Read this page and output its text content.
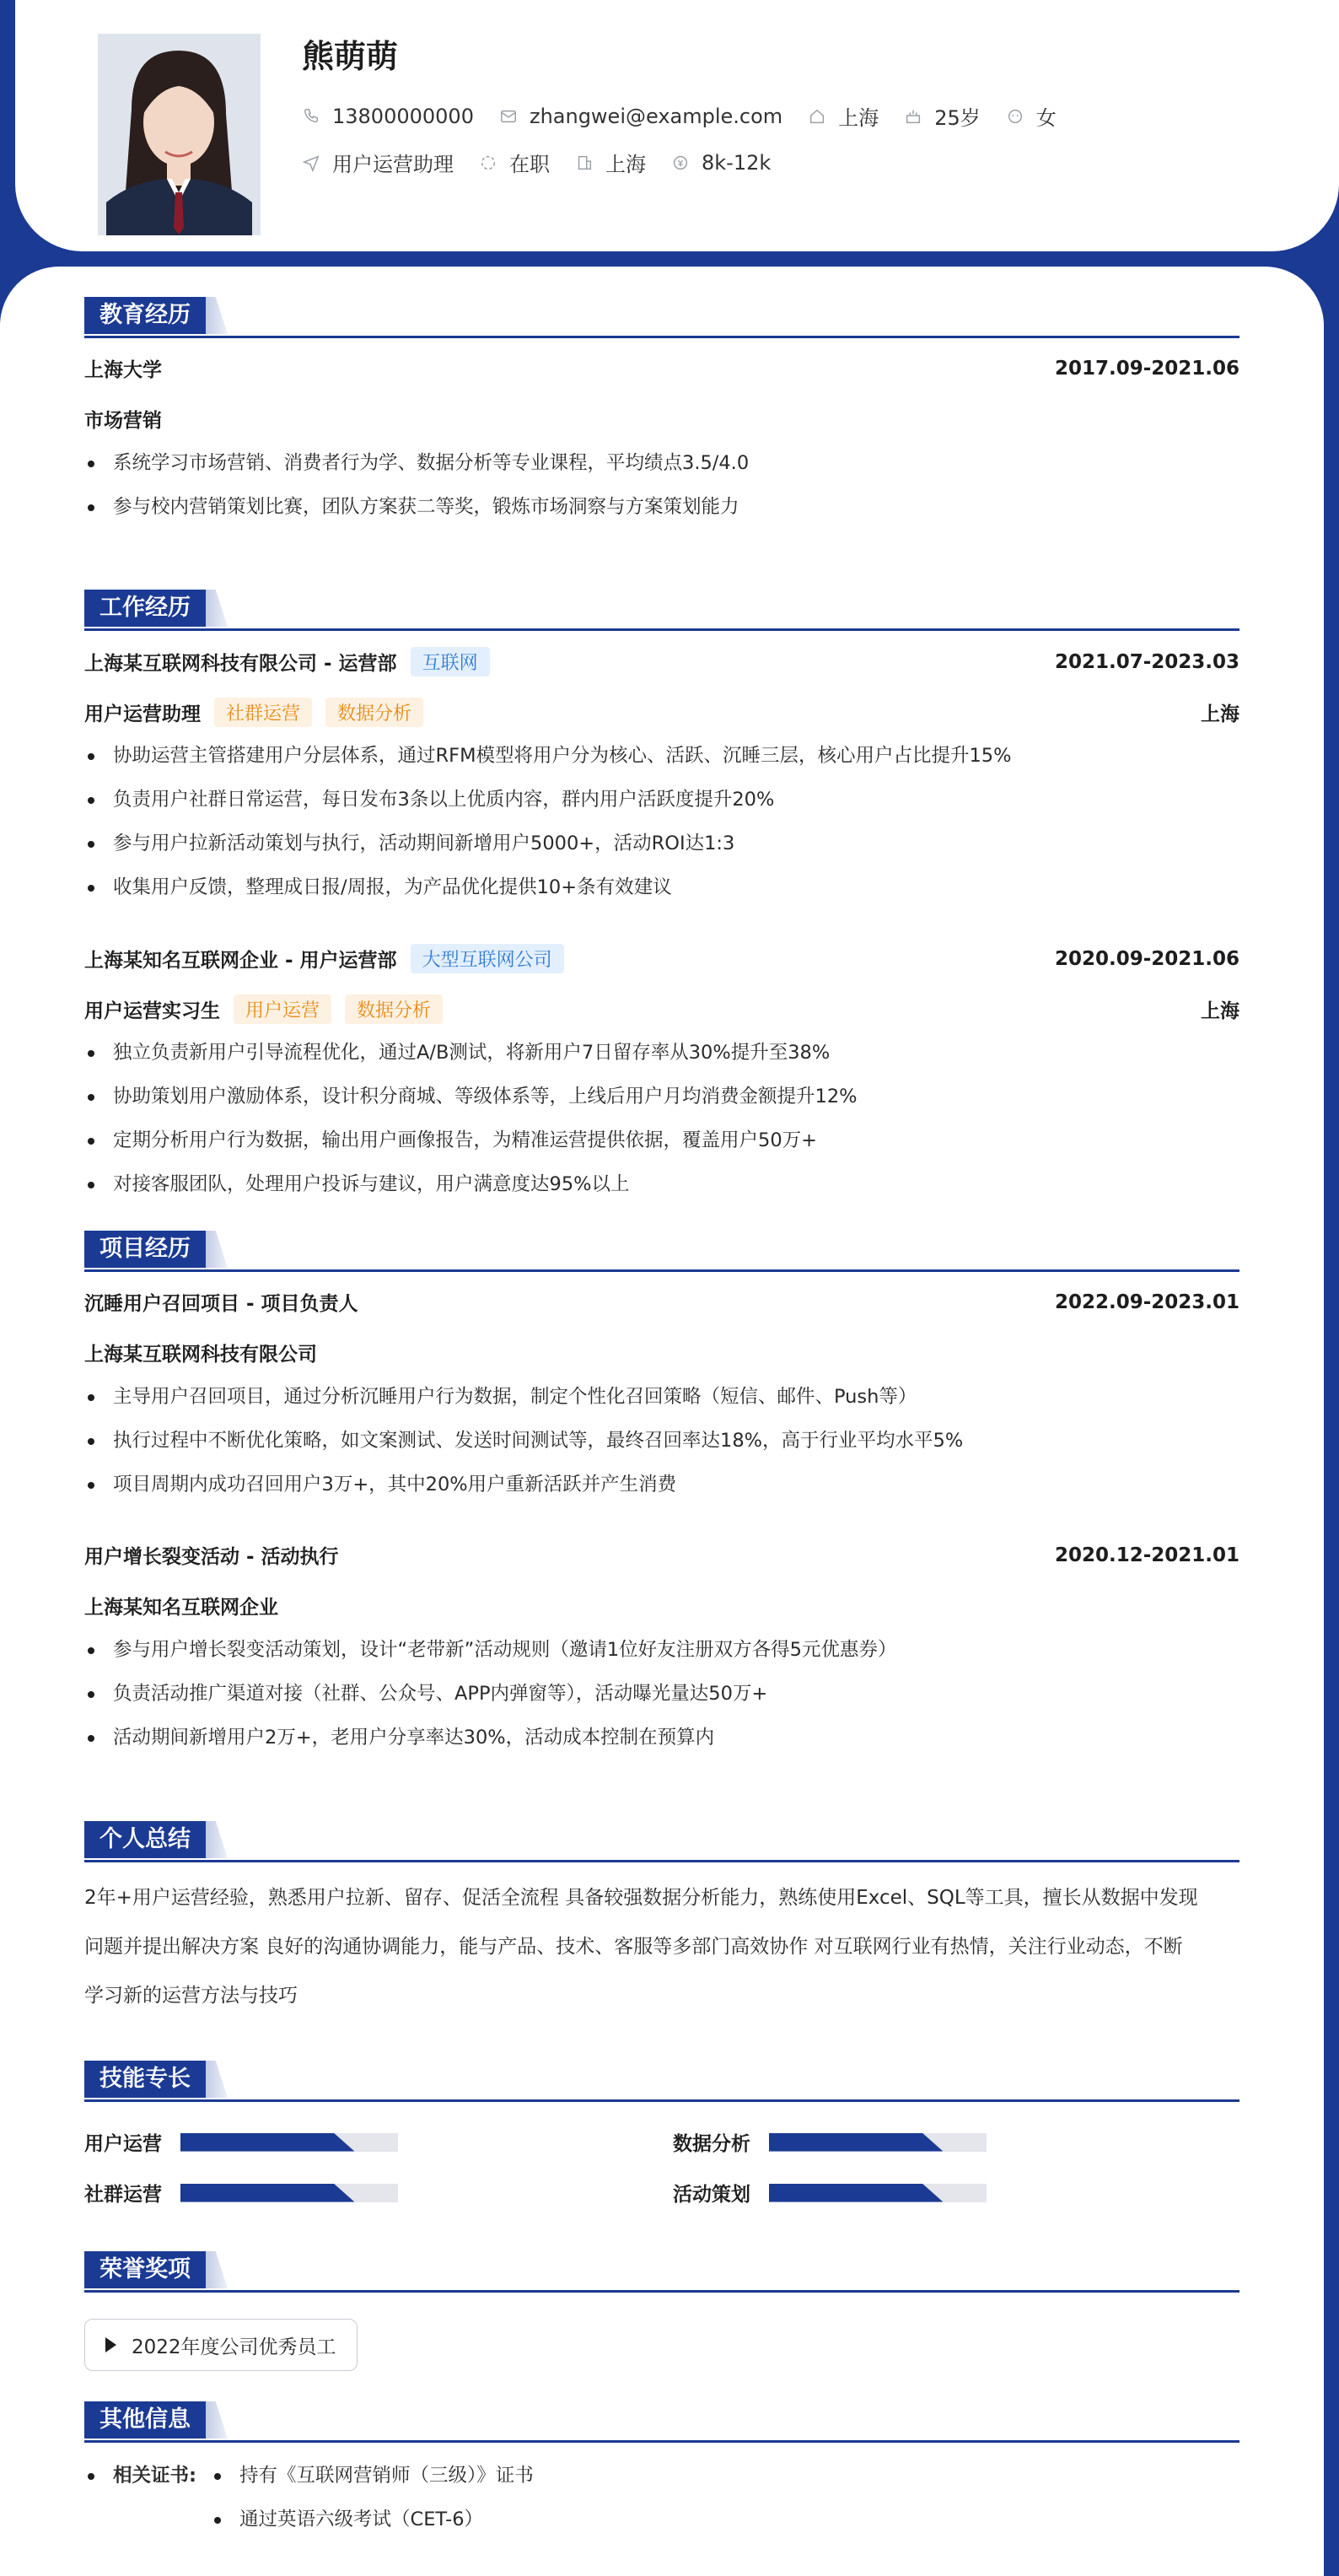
熊萌萌
13800000000	zhangwei@example.com	上海	25岁	女
用户运营助理	在职	上海	8k-12k
教育经历
上海大学	2017.09-2021.06
市场营销
系统学习市场营销、消费者行为学、数据分析等专业课程，平均绩点3.5/4.0
参与校内营销策划比赛，团队方案获二等奖，锻炼市场洞察与方案策划能力
工作经历
上海某互联网科技有限公司 - 运营部	互联网	2021.07-2023.03
用户运营助理	社群运营	数据分析	上海
协助运营主管搭建用户分层体系，通过RFM模型将用户分为核心、活跃、沉睡三层，核心用户占比提升15%
负责用户社群日常运营，每日发布3条以上优质内容，群内用户活跃度提升20%
参与用户拉新活动策划与执行，活动期间新增用户5000+，活动ROI达1:3
收集用户反馈，整理成日报/周报，为产品优化提供10+条有效建议
上海某知名互联网企业 - 用户运营部	大型互联网公司	2020.09-2021.06
用户运营实习生	用户运营	数据分析	上海
独立负责新用户引导流程优化，通过A/B测试，将新用户7日留存率从30%提升至38%
协助策划用户激励体系，设计积分商城、等级体系等，上线后用户月均消费金额提升12%
定期分析用户行为数据，输出用户画像报告，为精准运营提供依据，覆盖用户50万+
对接客服团队，处理用户投诉与建议，用户满意度达95%以上
项目经历
沉睡用户召回项目 - 项目负责人	2022.09-2023.01
上海某互联网科技有限公司
主导用户召回项目，通过分析沉睡用户行为数据，制定个性化召回策略（短信、邮件、Push等）
执行过程中不断优化策略，如文案测试、发送时间测试等，最终召回率达18%，高于行业平均水平5%
项目周期内成功召回用户3万+，其中20%用户重新活跃并产生消费
用户增长裂变活动 - 活动执行	2020.12-2021.01
上海某知名互联网企业
参与用户增长裂变活动策划，设计“老带新”活动规则（邀请1位好友注册双方各得5元优惠券）
负责活动推广渠道对接（社群、公众号、APP内弹窗等），活动曝光量达50万+
活动期间新增用户2万+，老用户分享率达30%，活动成本控制在预算内
个人总结
2年+用户运营经验，熟悉用户拉新、留存、促活全流程 具备较强数据分析能力，熟练使用Excel、SQL等工具，擅长从数据中发现
问题并提出解决方案 良好的沟通协调能力，能与产品、技术、客服等多部门高效协作 对互联网行业有热情，关注行业动态，不断
学习新的运营方法与技巧
技能专长
用户运营	数据分析
社群运营	活动策划
荣誉奖项
2022年度公司优秀员工
其他信息
相关证书:	持有《互联网营销师（三级）》证书
通过英语六级考试（CET-6）
